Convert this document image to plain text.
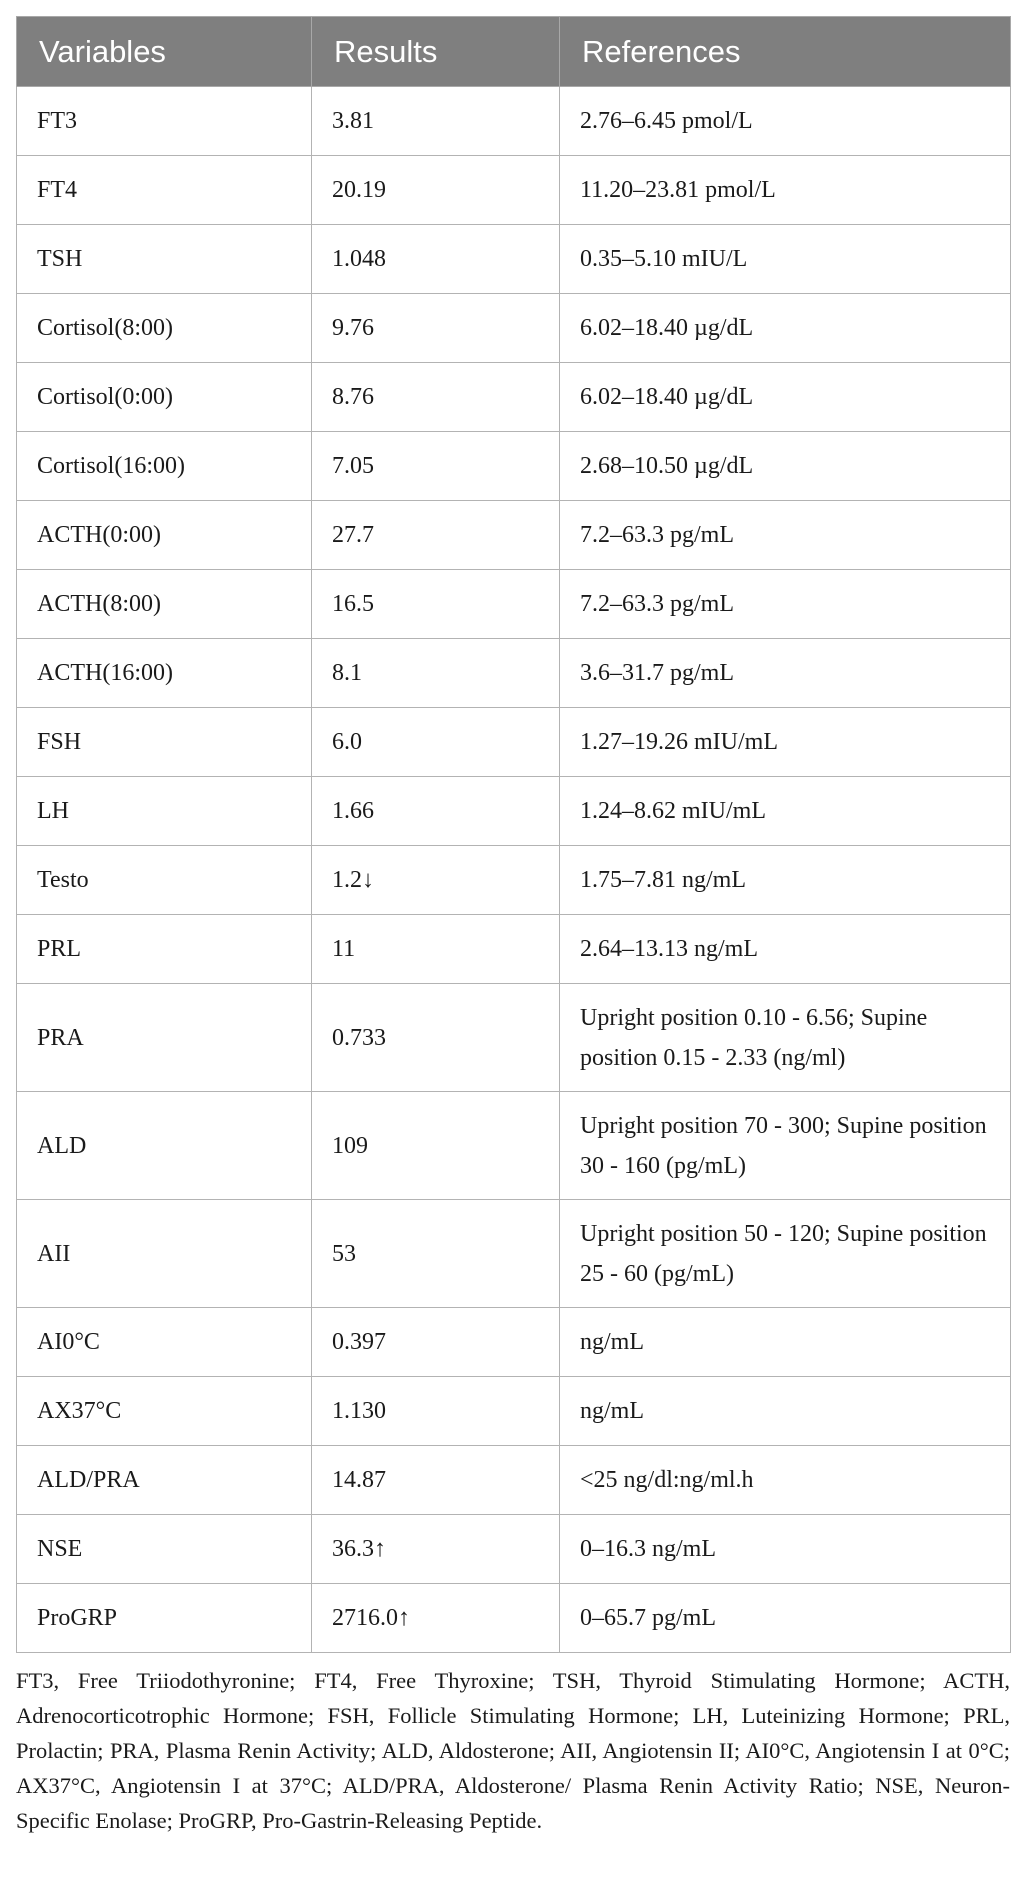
Variables	Results	References
FT3	3.81	2.76–6.45 pmol/L
FT4	20.19	11.20–23.81 pmol/L
TSH	1.048	0.35–5.10 mIU/L
Cortisol(8:00)	9.76	6.02–18.40 µg/dL
Cortisol(0:00)	8.76	6.02–18.40 µg/dL
Cortisol(16:00)	7.05	2.68–10.50 µg/dL
ACTH(0:00)	27.7	7.2–63.3 pg/mL
ACTH(8:00)	16.5	7.2–63.3 pg/mL
ACTH(16:00)	8.1	3.6–31.7 pg/mL
FSH	6.0	1.27–19.26 mIU/mL
LH	1.66	1.24–8.62 mIU/mL
Testo	1.2↓	1.75–7.81 ng/mL
PRL	11	2.64–13.13 ng/mL
PRA	0.733	Upright position 0.10 - 6.56; Supine position 0.15 - 2.33 (ng/ml)
ALD	109	Upright position 70 - 300; Supine position 30 - 160 (pg/mL)
AII	53	Upright position 50 - 120; Supine position 25 - 60 (pg/mL)
AI0°C	0.397	ng/mL
AX37°C	1.130	ng/mL
ALD/PRA	14.87	<25 ng/dl:ng/ml.h
NSE	36.3↑	0–16.3 ng/mL
ProGRP	2716.0↑	0–65.7 pg/mL
FT3, Free Triiodothyronine; FT4, Free Thyroxine; TSH, Thyroid Stimulating Hormone; ACTH, Adrenocorticotrophic Hormone; FSH, Follicle Stimulating Hormone; LH, Luteinizing Hormone; PRL, Prolactin; PRA, Plasma Renin Activity; ALD, Aldosterone; AII, Angiotensin II; AI0°C, Angiotensin I at 0°C; AX37°C, Angiotensin I at 37°C; ALD/PRA, Aldosterone/ Plasma Renin Activity Ratio; NSE, Neuron-Specific Enolase; ProGRP, Pro-Gastrin-Releasing Peptide.
